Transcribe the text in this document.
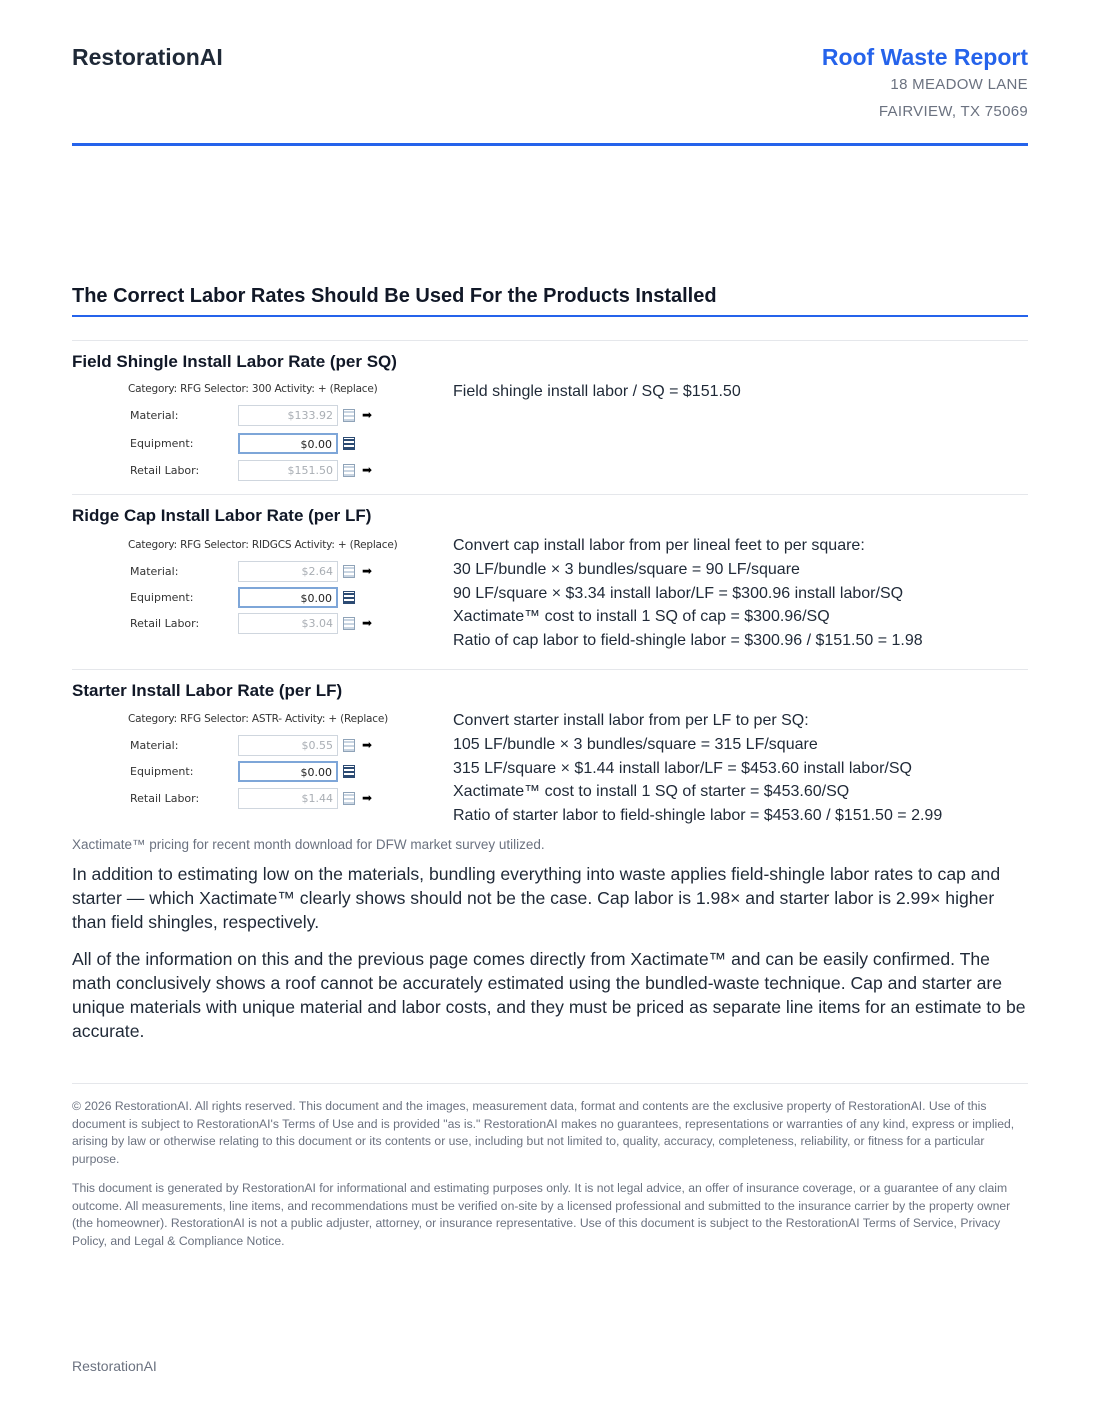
RestorationAI	Roof Waste Report
18 MEADOW LANE
FAIRVIEW, TX 75069
The Correct Labor Rates Should Be Used For the Products Installed
Field Shingle Install Labor Rate (per SQ)
Category: RFG Selector: 300 Activity: + (Replace)
Material:	$133.92	➡
Equipment:	$0.00
Retail Labor:	$151.50	➡
Field shingle install labor / SQ = $151.50
Ridge Cap Install Labor Rate (per LF)
Category: RFG Selector: RIDGCS Activity: + (Replace)
Material:	$2.64	➡
Equipment:	$0.00
Retail Labor:	$3.04	➡
Convert cap install labor from per lineal feet to per square:
30 LF/bundle × 3 bundles/square = 90 LF/square
90 LF/square × $3.34 install labor/LF = $300.96 install labor/SQ
Xactimate™ cost to install 1 SQ of cap = $300.96/SQ
Ratio of cap labor to field-shingle labor = $300.96 / $151.50 = 1.98
Starter Install Labor Rate (per LF)
Category: RFG Selector: ASTR- Activity: + (Replace)
Material:	$0.55	➡
Equipment:	$0.00
Retail Labor:	$1.44	➡
Convert starter install labor from per LF to per SQ:
105 LF/bundle × 3 bundles/square = 315 LF/square
315 LF/square × $1.44 install labor/LF = $453.60 install labor/SQ
Xactimate™ cost to install 1 SQ of starter = $453.60/SQ
Ratio of starter labor to field-shingle labor = $453.60 / $151.50 = 2.99
Xactimate™ pricing for recent month download for DFW market survey utilized.
In addition to estimating low on the materials, bundling everything into waste applies field-shingle labor rates to cap and starter — which Xactimate™ clearly shows should not be the case. Cap labor is 1.98× and starter labor is 2.99× higher than field shingles, respectively.
All of the information on this and the previous page comes directly from Xactimate™ and can be easily confirmed. The math conclusively shows a roof cannot be accurately estimated using the bundled-waste technique. Cap and starter are unique materials with unique material and labor costs, and they must be priced as separate line items for an estimate to be accurate.
© 2026 RestorationAI. All rights reserved. This document and the images, measurement data, format and contents are the exclusive property of RestorationAI. Use of this document is subject to RestorationAI's Terms of Use and is provided "as is." RestorationAI makes no guarantees, representations or warranties of any kind, express or implied, arising by law or otherwise relating to this document or its contents or use, including but not limited to, quality, accuracy, completeness, reliability, or fitness for a particular purpose.
This document is generated by RestorationAI for informational and estimating purposes only. It is not legal advice, an offer of insurance coverage, or a guarantee of any claim outcome. All measurements, line items, and recommendations must be verified on-site by a licensed professional and submitted to the insurance carrier by the property owner (the homeowner). RestorationAI is not a public adjuster, attorney, or insurance representative. Use of this document is subject to the RestorationAI Terms of Service, Privacy Policy, and Legal & Compliance Notice.
RestorationAI
